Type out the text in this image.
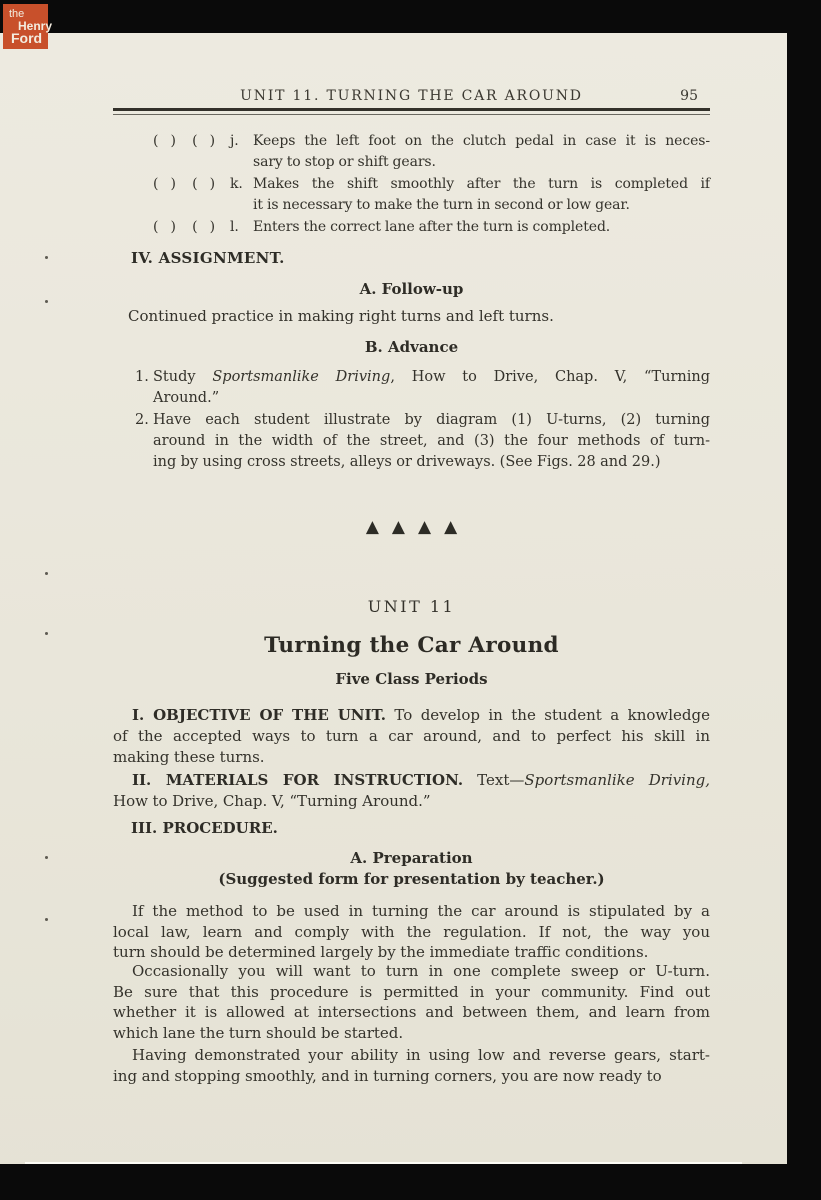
UNIT 11. TURNING THE CAR AROUND	95
(   )    (   ) j. Keeps the left foot on the clutch pedal in case it is neces-
sary to stop or shift gears.
(   )    (   ) k. Makes the shift smoothly after the turn is completed if
it is necessary to make the turn in second or low gear.
(   )    (   ) l. Enters the correct lane after the turn is completed.
IV. ASSIGNMENT.
A. Follow-up
Continued practice in making right turns and left turns.
B. Advance
1. Study Sportsmanlike Driving, How to Drive, Chap. V, “Turning
Around.”
2. Have each student illustrate by diagram (1) U-turns, (2) turning
around in the width of the street, and (3) the four methods of turn-
ing by using cross streets, alleys or driveways. (See Figs. 28 and 29.)
▲▲▲▲
UNIT 11
Turning the Car Around
Five Class Periods
I. OBJECTIVE OF THE UNIT. To develop in the student a knowledge
of the accepted ways to turn a car around, and to perfect his skill in
making these turns.
II. MATERIALS FOR INSTRUCTION. Text—Sportsmanlike Driving,
How to Drive, Chap. V, “Turning Around.”
III. PROCEDURE.
A. Preparation
(Suggested form for presentation by teacher.)
If the method to be used in turning the car around is stipulated by a
local law, learn and comply with the regulation. If not, the way you
turn should be determined largely by the immediate traffic conditions.
Occasionally you will want to turn in one complete sweep or U-turn.
Be sure that this procedure is permitted in your community. Find out
whether it is allowed at intersections and between them, and learn from
which lane the turn should be started.
Having demonstrated your ability in using low and reverse gears, start-
ing and stopping smoothly, and in turning corners, you are now ready to
the
Henry
Ford
